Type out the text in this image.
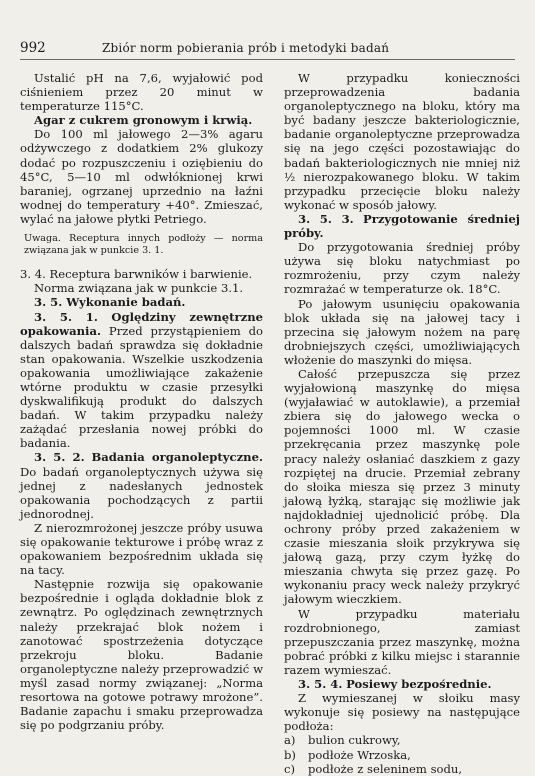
992	Zbiór norm pobierania prób i metodyki badań

Ustalić pH na 7,6, wyjałowić pod ciśnieniem przez 20 minut w temperaturze 115°C.

Agar z cukrem gronowym i krwią.

Do 100 ml jałowego 2—3% agaru odżywczego z dodatkiem 2% glukozy dodać po rozpuszczeniu i oziębieniu do 45°C, 5—10 ml odwłóknionej krwi baraniej, ogrzanej uprzednio na łaźni wodnej do temperatury +40°. Zmieszać, wylać na jałowe płytki Petriego.

Uwaga. Receptura innych podłoży — norma związana jak w punkcie 3. 1.

3. 4. Receptura barwników i barwienie.

Norma związana jak w punkcie 3.1.

3. 5. Wykonanie badań.

3. 5. 1. Oględziny zewnętrzne opakowania. Przed przystąpieniem do dalszych badań sprawdza się dokładnie stan opakowania. Wszelkie uszkodzenia opakowania umożliwiające zakażenie wtórne produktu w czasie przesyłki dyskwalifikują produkt do dalszych badań. W takim przypadku należy zażądać przesłania nowej próbki do badania.

3. 5. 2. Badania organoleptyczne. Do badań organoleptycznych używa się jednej z nadesłanych jednostek opakowania pochodzących z partii jednorodnej.

Z nierozmrożonej jeszcze próby usuwa się opakowanie tekturowe i próbę wraz z opakowaniem bezpośrednim układa się na tacy.

Następnie rozwija się opakowanie bezpośrednie i ogląda dokładnie blok z zewnątrz. Po oględzinach zewnętrznych należy przekrajać blok nożem i zanotować spostrzeżenia dotyczące przekroju bloku. Badanie organoleptyczne należy przeprowadzić w myśl zasad normy związanej: „Norma resortowa na gotowe potrawy mrożone”. Badanie zapachu i smaku przeprowadza się po podgrzaniu próby.

W przypadku konieczności przeprowadzenia badania organoleptycznego na bloku, który ma być badany jeszcze bakteriologicznie, badanie organoleptyczne przeprowadza się na jego części pozostawiając do badań bakteriologicznych nie mniej niż ½ nierozpakowanego bloku. W takim przypadku przecięcie bloku należy wykonać w sposób jałowy.

3. 5. 3. Przygotowanie średniej próby.

Do przygotowania średniej próby używa się bloku natychmiast po rozmrożeniu, przy czym należy rozmrażać w temperaturze ok. 18°C.

Po jałowym usunięciu opakowania blok układa się na jałowej tacy i przecina się jałowym nożem na parę drobniejszych części, umożliwiających włożenie do maszynki do mięsa.

Całość przepuszcza się przez wyjałowioną maszynkę do mięsa (wyjaławiać w autoklawie), a przemiał zbiera się do jałowego wecka o pojemności 1000 ml. W czasie przekręcania przez maszynkę pole pracy należy osłaniać daszkiem z gazy rozpiętej na drucie. Przemiał zebrany do słoika miesza się przez 3 minuty jałową łyżką, starając się możliwie jak najdokładniej ujednolicić próbę. Dla ochrony próby przed zakażeniem w czasie mieszania słoik przykrywa się jałową gazą, przy czym łyżkę do mieszania chwyta się przez gazę. Po wykonaniu pracy weck należy przykryć jałowym wieczkiem.

W przypadku materiału rozdrobnionego, zamiast przepuszczania przez maszynkę, można pobrać próbki z kilku miejsc i starannie razem wymieszać.

3. 5. 4. Posiewy bezpośrednie.

Z wymieszanej w słoiku masy wykonuje się posiewy na następujące podłoża:

a) bulion cukrowy,

b) podłoże Wrzoska,

c) podłoże z seleninem sodu,
